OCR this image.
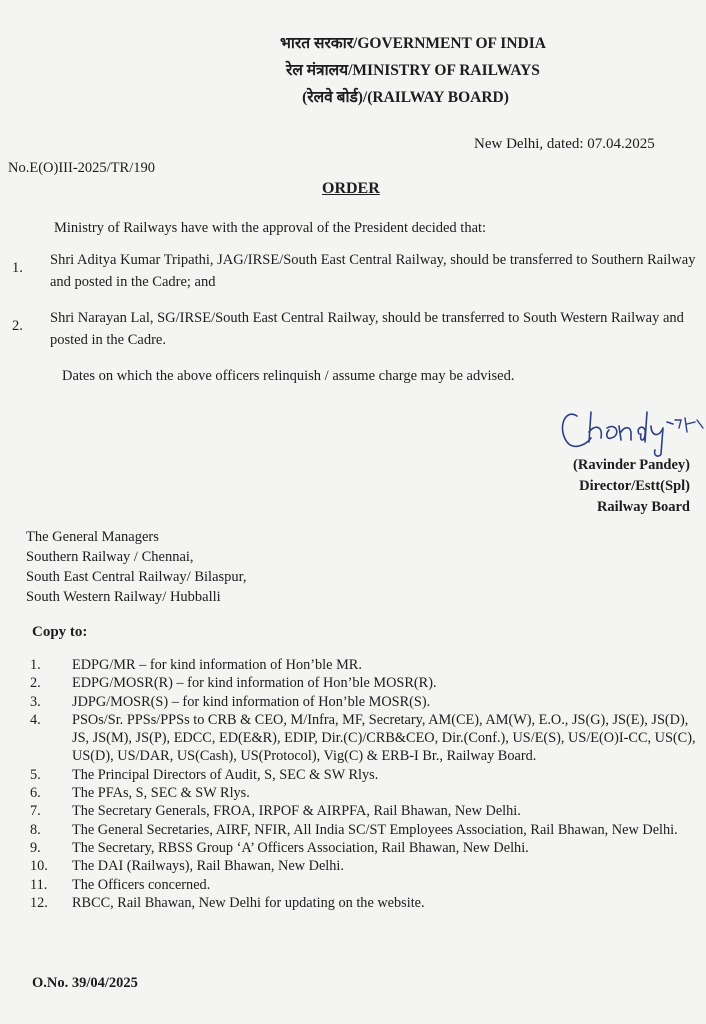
भारत सरकार/GOVERNMENT OF INDIA
रेल मंत्रालय/MINISTRY OF RAILWAYS
(रेलवे बोर्ड)/(RAILWAY BOARD)
New Delhi, dated: 07.04.2025
No.E(O)III-2025/TR/190
ORDER
Ministry of Railways have with the approval of the President decided that:
1.	Shri Aditya Kumar Tripathi, JAG/IRSE/South East Central Railway, should be transferred to Southern Railway and posted in the Cadre; and
2.	Shri Narayan Lal, SG/IRSE/South East Central Railway, should be transferred to South Western Railway and posted in the Cadre.
Dates on which the above officers relinquish / assume charge may be advised.
(Ravinder Pandey)
Director/Estt(Spl)
Railway Board
The General Managers
Southern Railway / Chennai,
South East Central Railway/ Bilaspur,
South Western Railway/ Hubballi
Copy to:
1.	EDPG/MR – for kind information of Hon’ble MR.
2.	EDPG/MOSR(R) – for kind information of Hon’ble MOSR(R).
3.	JDPG/MOSR(S) – for kind information of Hon’ble MOSR(S).
4.	PSOs/Sr. PPSs/PPSs to CRB & CEO, M/Infra, MF, Secretary, AM(CE), AM(W), E.O., JS(G), JS(E), JS(D), JS, JS(M), JS(P), EDCC, ED(E&R), EDIP, Dir.(C)/CRB&CEO, Dir.(Conf.), US/E(S), US/E(O)I-CC, US(C), US(D), US/DAR, US(Cash), US(Protocol), Vig(C) & ERB-I Br., Railway Board.
5.	The Principal Directors of Audit, S, SEC & SW Rlys.
6.	The PFAs, S, SEC & SW Rlys.
7.	The Secretary Generals, FROA, IRPOF & AIRPFA, Rail Bhawan, New Delhi.
8.	The General Secretaries, AIRF, NFIR, All India SC/ST Employees Association, Rail Bhawan, New Delhi.
9.	The Secretary, RBSS Group ‘A’ Officers Association, Rail Bhawan, New Delhi.
10.	The DAI (Railways), Rail Bhawan, New Delhi.
11.	The Officers concerned.
12.	RBCC, Rail Bhawan, New Delhi for updating on the website.
O.No. 39/04/2025
